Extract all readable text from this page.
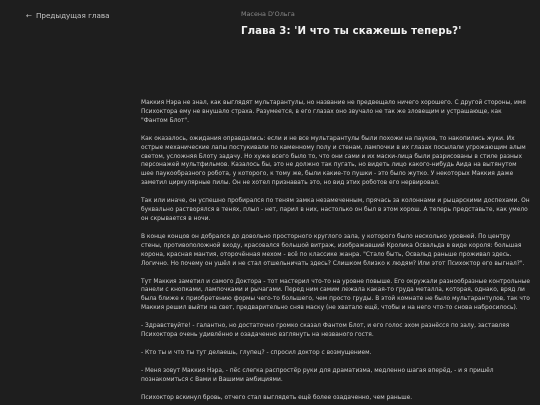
← Предыдущая глава	Масена D'Ольга
Глава 3: 'И что ты скажешь теперь?'

Маккия Нэра не знал, как выглядят мультарантулы, но название не предвещало ничего хорошего. С другой стороны, имя Психоктора ему не внушало страха. Разумеется, в его глазах оно звучало не так же зловещим и устрашающе, как "Фантом Блот".

Как оказалось, ожидания оправдались: если и не все мультарантулы были похожи на пауков, то накопились жуки. Их острые механические лапы постукивали по каменному полу и стенам, лампочки в их глазах посылали угрожающим алым светом, усложняя Блоту задачу. Но хуже всего было то, что они сами и их маски-лица были разрисованы в стиле разных персонажей мультфильмов. Казалось бы, это не должно так пугать, но видеть лицо какого-нибудь Аида на вытянутом шее паукообразного робота, у которого, к тому же, были какие-то пушки - это было жутко. У некоторых Маккия даже заметил циркулярные пилы. Он не хотел признавать это, но вид этих роботов его нервировал.

Так или иначе, он успешно пробирался по теням замка незамеченным, прячась за колоннами и рыцарскими доспехами. Он буквально растворялся в тенях, плыл - нет, парил в них, настолько он был в этом хорош. А теперь представьте, как умело он скрывается в ночи.

В конце концов он добрался до довольно просторного круглого зала, у которого было несколько уровней. По центру стены, противоположной входу, красовался большой витраж, изображавший Кролика Освальда в виде короля: большая корона, красная мантия, оторочённая мехом - всё по классике жанра. "Стало быть, Освальд раньше проживал здесь. Логично. Но почему он ушёл и не стал отшельничать здесь? Слишком близко к людям? Или этот Психоктор его выгнал?".

Тут Маккия заметил и самого Доктора - тот мастерил что-то на уровне повыше. Его окружали разнообразные контрольные панели с кнопками, лампочками и рычагами. Перед ним самим лежала какая-то груда металла, которая, однако, вряд ли была ближе к приобретению формы чего-то большего, чем просто груды. В этой комнате не было мультарантулов, так что Маккия решил выйти на свет, предварительно сняв маску (не хватало ещё, чтобы и на него что-то снова набросилось).

- Здравствуйте! - галантно, но достаточно громко сказал Фантом Блот, и его голос эхом разнёсся по залу, заставляя Психоктора очень удивлённо и озадаченно взглянуть на незваного гостя.

- Кто ты и что ты тут делаешь, глупец? - спросил доктор с возмущением.

- Меня зовут Маккия Нэра, - пёс слегка распростёр руки для драматизма, медленно шагая вперёд, - и я пришёл познакомиться с Вами и Вашими амбициями.

Психоктор вскинул бровь, отчего стал выглядеть ещё более озадаченно, чем раньше.
